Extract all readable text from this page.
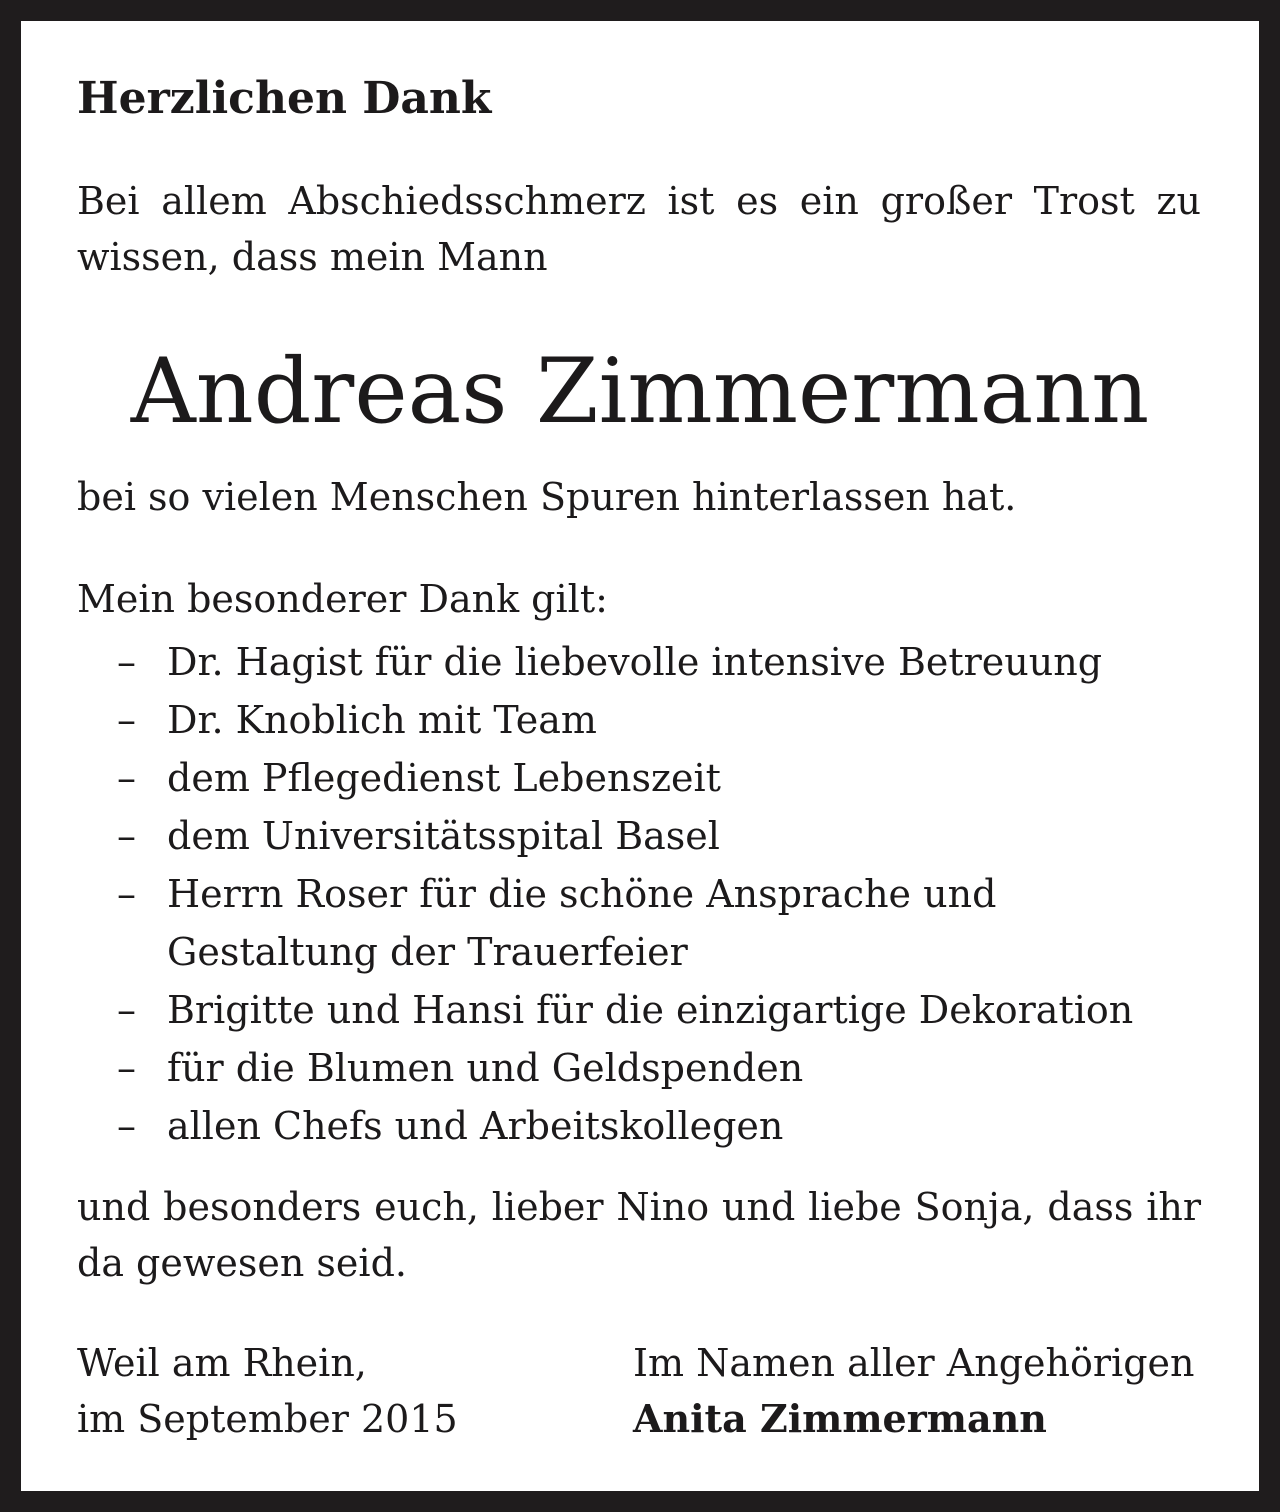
Herzlichen Dank
Bei allem Abschiedsschmerz ist es ein großer Trost zu wissen, dass mein Mann
Andreas Zimmermann
bei so vielen Menschen Spuren hinterlassen hat.
Mein besonderer Dank gilt:
– Dr. Hagist für die liebevolle intensive Betreuung
– Dr. Knoblich mit Team
– dem Pflegedienst Lebenszeit
– dem Universitätsspital Basel
– Herrn Roser für die schöne Ansprache und
Gestaltung der Trauerfeier
– Brigitte und Hansi für die einzigartige Dekoration
– für die Blumen und Geldspenden
– allen Chefs und Arbeitskollegen
und besonders euch, lieber Nino und liebe Sonja, dass ihr da gewesen seid.
Weil am Rhein,
im September 2015
Im Namen aller Angehörigen
Anita Zimmermann
